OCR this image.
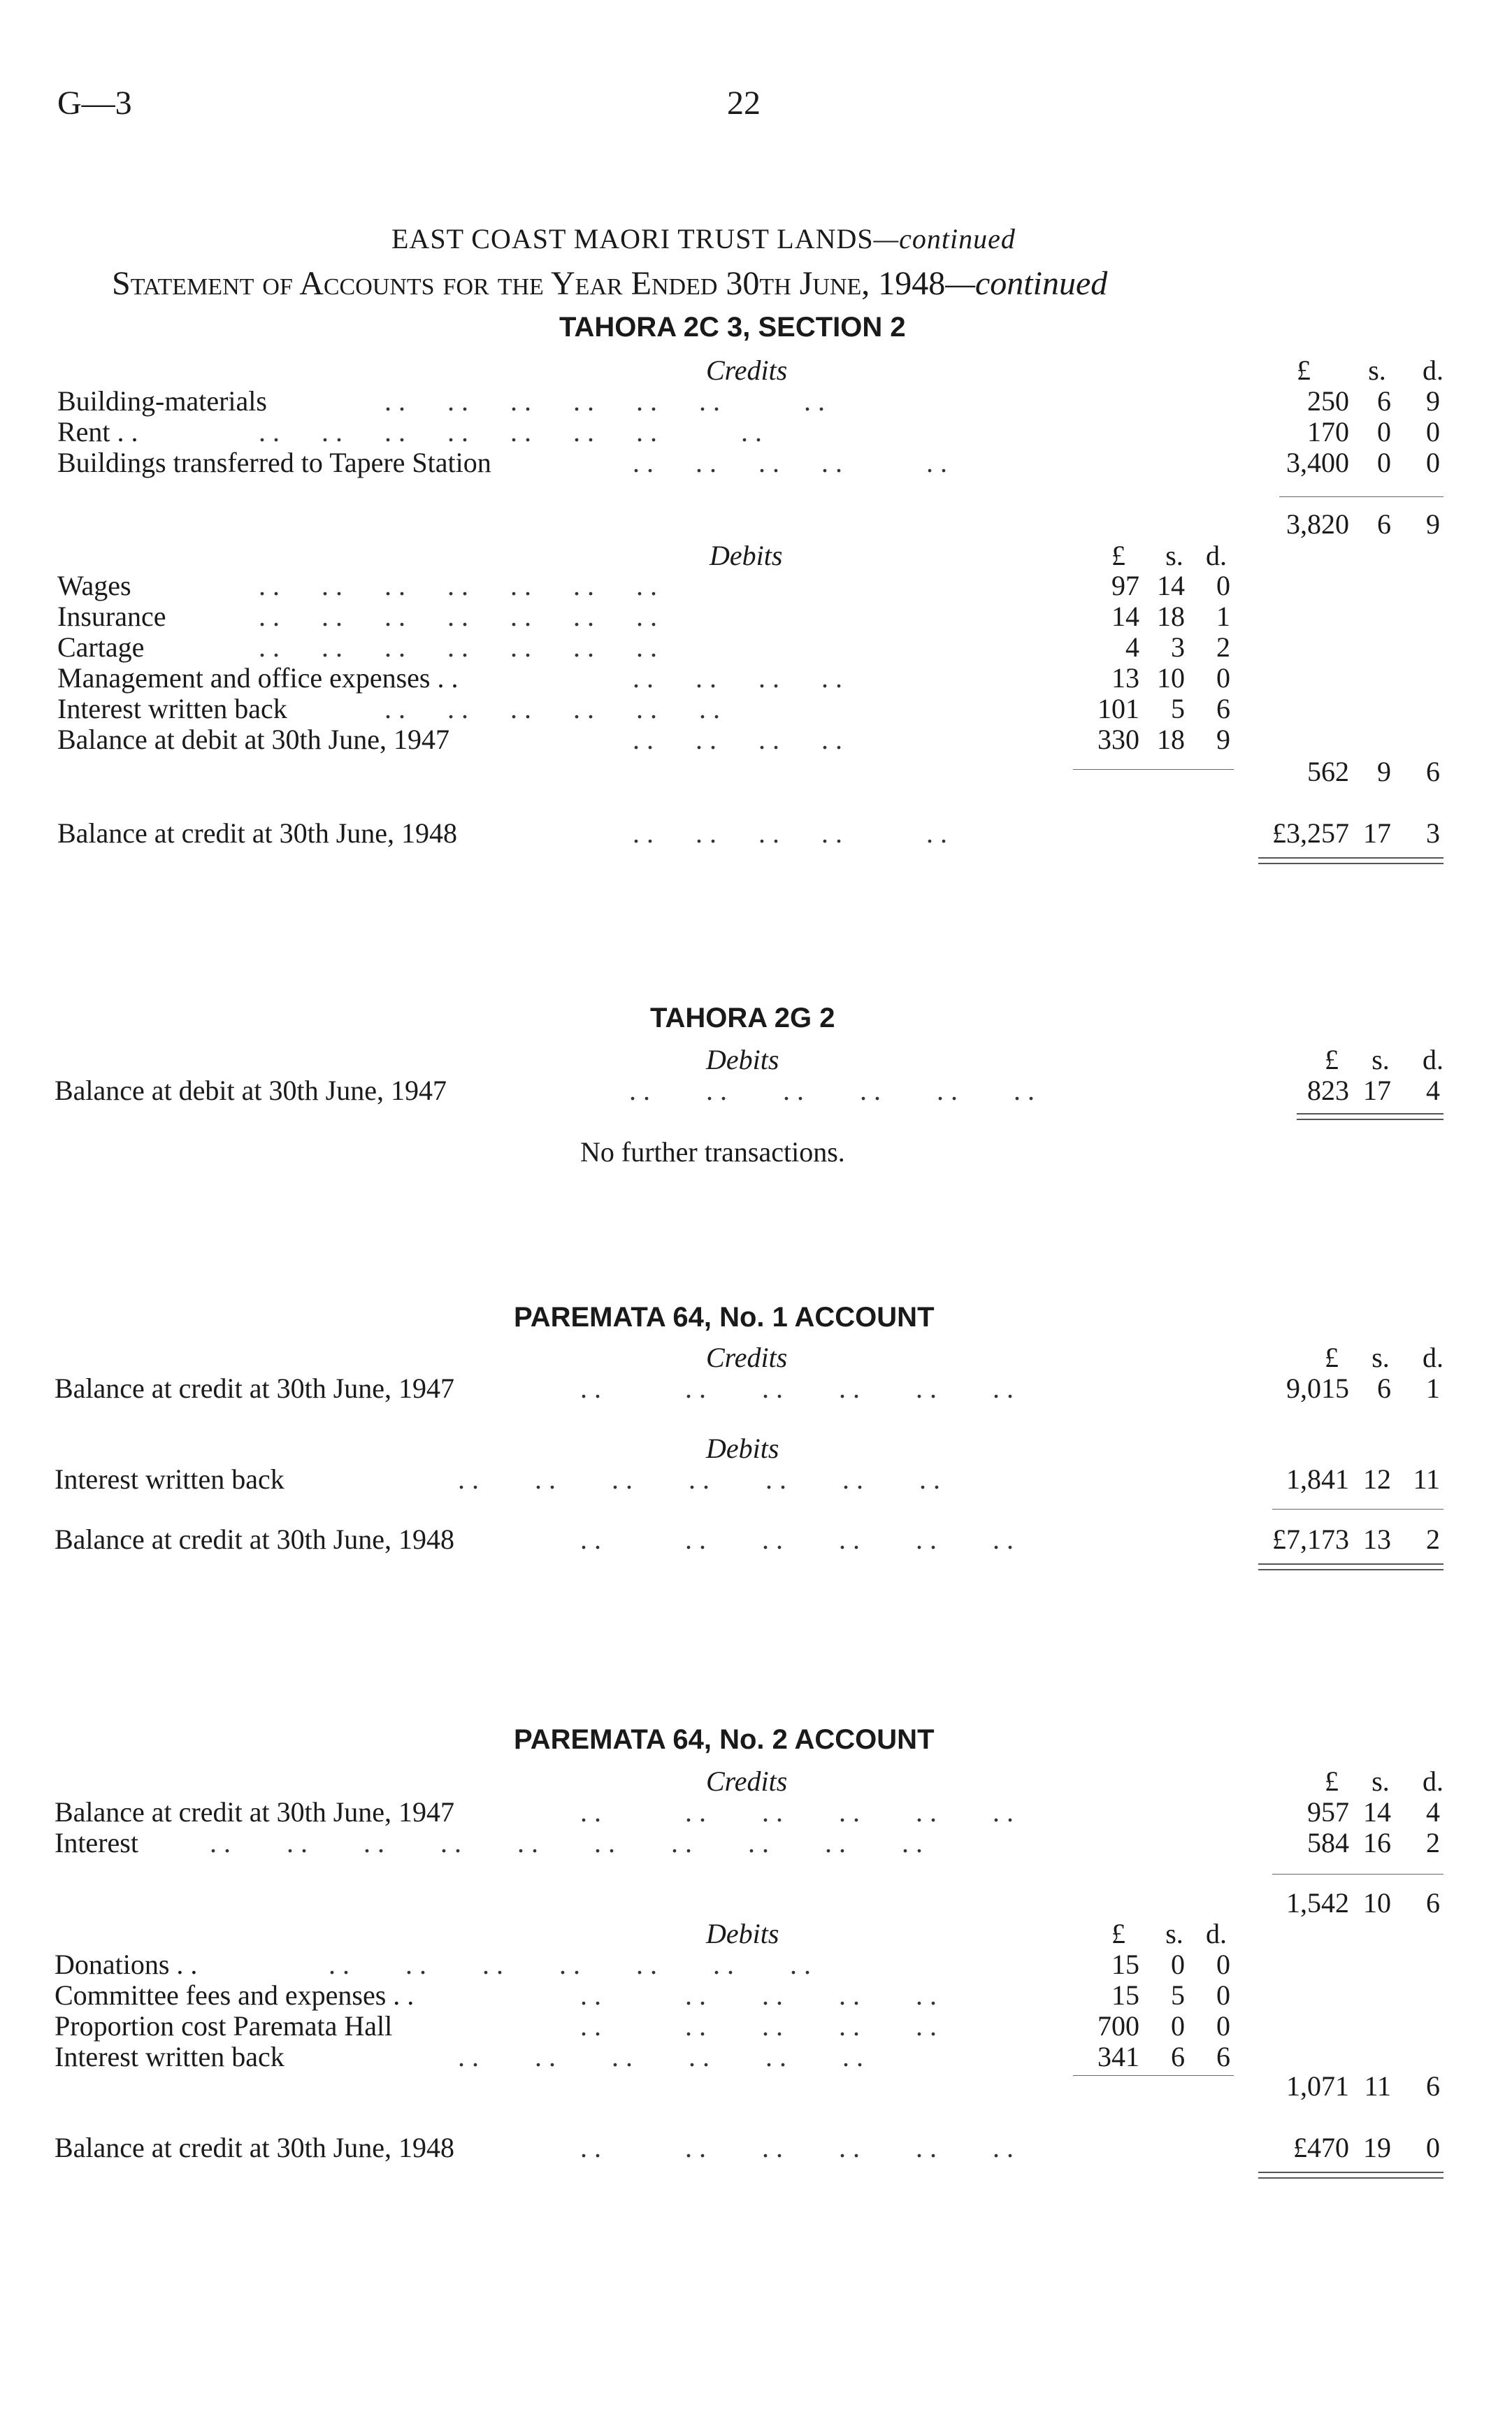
G—3	22
EAST COAST MAORI TRUST LANDS—continued
Statement of Accounts for the Year Ended 30th June, 1948—continued
TAHORA 2C 3, SECTION 2
Credits	£ s. d.
Building-materials	. .      . .      . .      . .      . .      . .            . .	250	6	9
Rent . .	. .      . .      . .      . .      . .      . .      . .            . .	170	0	0
Buildings transferred to Tapere Station	. .      . .      . .      . .            . .	3,400	0	0
3,820	6	9
Debits	£ s. d.
Wages	. .      . .      . .      . .      . .      . .      . .	97 14	0
Insurance	. .      . .      . .      . .      . .      . .      . .	14 18	1
Cartage	. .      . .      . .      . .      . .      . .      . .	4	3	2
Management and office expenses . .	. .      . .      . .      . .	13 10	0
Interest written back	. .      . .      . .      . .      . .      . .	101	5	6
Balance at debit at 30th June, 1947	. .      . .      . .      . .	330 18	9
562	9	6
Balance at credit at 30th June, 1948	. .      . .      . .      . .            . .	£3,257 17	3
TAHORA 2G 2
Debits	£ s. d.
Balance at debit at 30th June, 1947	. .        . .        . .        . .        . .        . .	823 17	4
No further transactions.
PAREMATA 64, No. 1 ACCOUNT
Credits	£ s. d.
Balance at credit at 30th June, 1947	. .            . .        . .        . .        . .        . .	9,015	6	1
Debits
Interest written back	. .        . .        . .        . .        . .        . .        . .	1,841 12 11
Balance at credit at 30th June, 1948	. .            . .        . .        . .        . .        . .	£7,173 13	2
PAREMATA 64, No. 2 ACCOUNT
Credits	£ s. d.
Balance at credit at 30th June, 1947	. .            . .        . .        . .        . .        . .	957 14	4
Interest	. .        . .        . .        . .        . .        . .        . .        . .        . .        . .	584 16	2
1,542 10	6
Debits	£ s. d.
Donations . .	. .        . .        . .        . .        . .        . .        . .	15	0	0
Committee fees and expenses . .	. .            . .        . .        . .        . .	15	5	0
Proportion cost Paremata Hall	. .            . .        . .        . .        . .	700	0	0
Interest written back	. .        . .        . .        . .        . .        . .	341	6	6
1,071 11	6
Balance at credit at 30th June, 1948	. .            . .        . .        . .        . .        . .	£470 19	0
